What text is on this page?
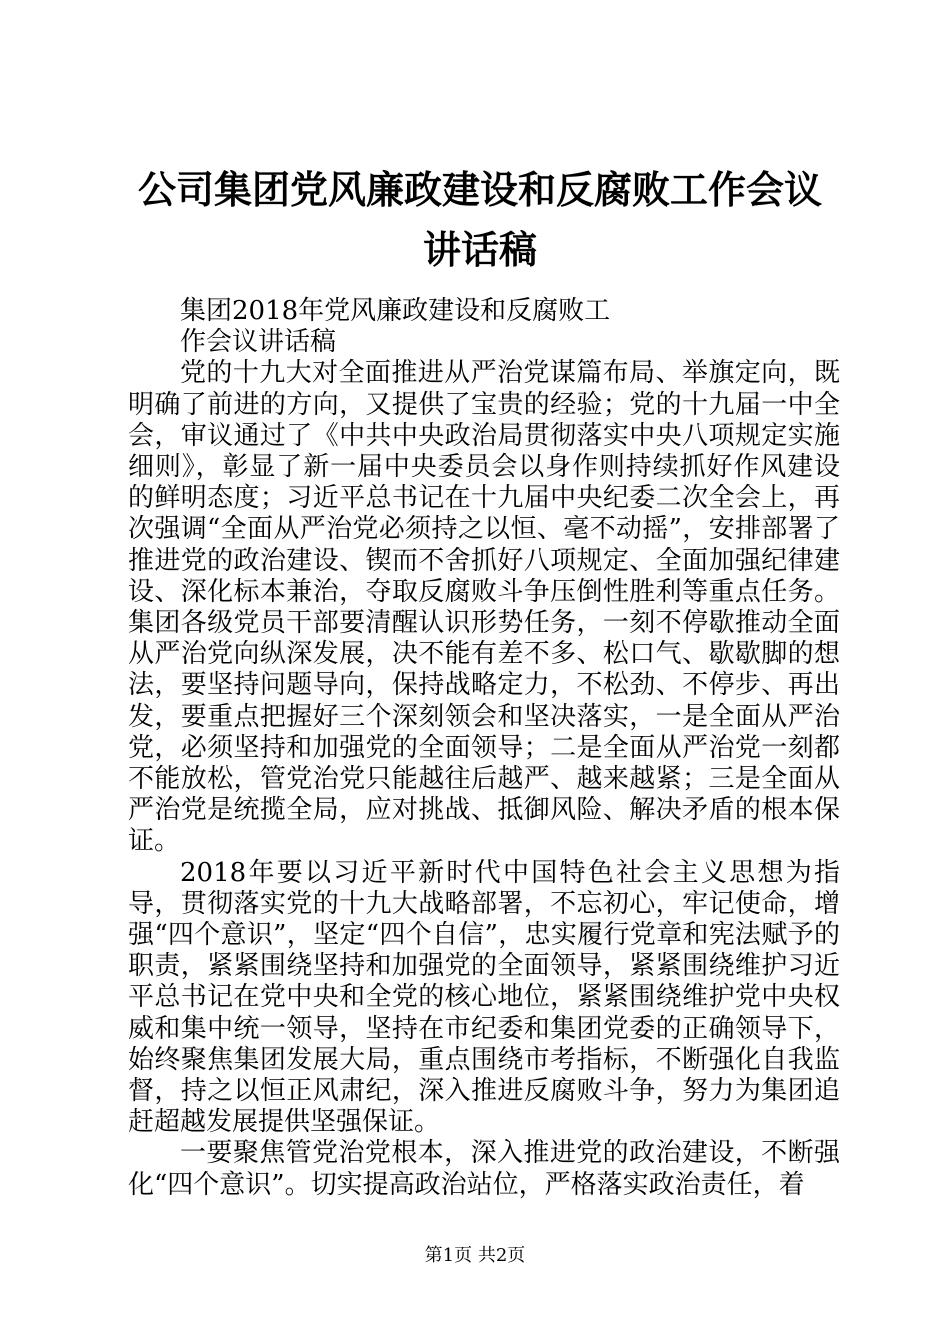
公司集团党风廉政建设和反腐败工作会议讲话稿

集团2018年党风廉政建设和反腐败工

作会议讲话稿

党的十九大对全面推进从严治党谋篇布局、举旗定向，既明确了前进的方向，又提供了宝贵的经验；党的十九届一中全会，审议通过了《中共中央政治局贯彻落实中央八项规定实施细则》，彰显了新一届中央委员会以身作则持续抓好作风建设的鲜明态度；习近平总书记在十九届中央纪委二次全会上，再次强调“全面从严治党必须持之以恒、毫不动摇”，安排部署了推进党的政治建设、锲而不舍抓好八项规定、全面加强纪律建设、深化标本兼治，夺取反腐败斗争压倒性胜利等重点任务。集团各级党员干部要清醒认识形势任务，一刻不停歇推动全面从严治党向纵深发展，决不能有差不多、松口气、歇歇脚的想法，要坚持问题导向，保持战略定力，不松劲、不停步、再出发，要重点把握好三个深刻领会和坚决落实，一是全面从严治党，必须坚持和加强党的全面领导；二是全面从严治党一刻都不能放松，管党治党只能越往后越严、越来越紧；三是全面从严治党是统揽全局，应对挑战、抵御风险、解决矛盾的根本保证。

2018年要以习近平新时代中国特色社会主义思想为指导，贯彻落实党的十九大战略部署，不忘初心，牢记使命，增强“四个意识”，坚定“四个自信”，忠实履行党章和宪法赋予的职责，紧紧围绕坚持和加强党的全面领导，紧紧围绕维护习近平总书记在党中央和全党的核心地位，紧紧围绕维护党中央权威和集中统一领导，坚持在市纪委和集团党委的正确领导下，始终聚焦集团发展大局，重点围绕市考指标，不断强化自我监督，持之以恒正风肃纪，深入推进反腐败斗争，努力为集团追赶超越发展提供坚强保证。

一要聚焦管党治党根本，深入推进党的政治建设，不断强化“四个意识”。切实提高政治站位，严格落实政治责任，着

第1页 共2页
